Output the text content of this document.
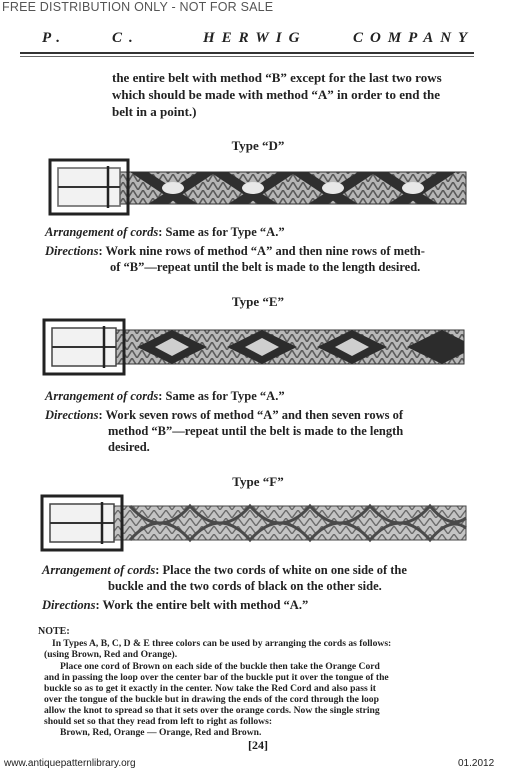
FREE DISTRIBUTION ONLY - NOT FOR SALE
P.	C.	HERWIG	COMPANY
the entire belt with method “B” except for the last two rows
which should be made with method “A” in order to end the
belt in a point.)
Type “D”
Arrangement of cords: Same as for Type “A.”
Directions: Work nine rows of method “A” and then nine rows of meth-
of “B”—repeat until the belt is made to the length desired.
Type “E”
Arrangement of cords: Same as for Type “A.”
Directions: Work seven rows of method “A” and then seven rows of
method “B”—repeat until the belt is made to the length
desired.
Type “F”
Arrangement of cords: Place the two cords of white on one side of the
buckle and the two cords of black on the other side.
Directions: Work the entire belt with method “A.”
NOTE:
In Types A, B, C, D & E three colors can be used by arranging the cords as follows:
(using Brown, Red and Orange).
Place one cord of Brown on each side of the buckle then take the Orange Cord
and in passing the loop over the center bar of the buckle put it over the tongue of the
buckle so as to get it exactly in the center. Now take the Red Cord and also pass it
over the tongue of the buckle but in drawing the ends of the cord through the loop
allow the knot to spread so that it sets over the orange cords. Now the single string
should set so that they read from left to right as follows:
Brown, Red, Orange — Orange, Red and Brown.
[24]
www.antiquepatternlibrary.org	01.2012
